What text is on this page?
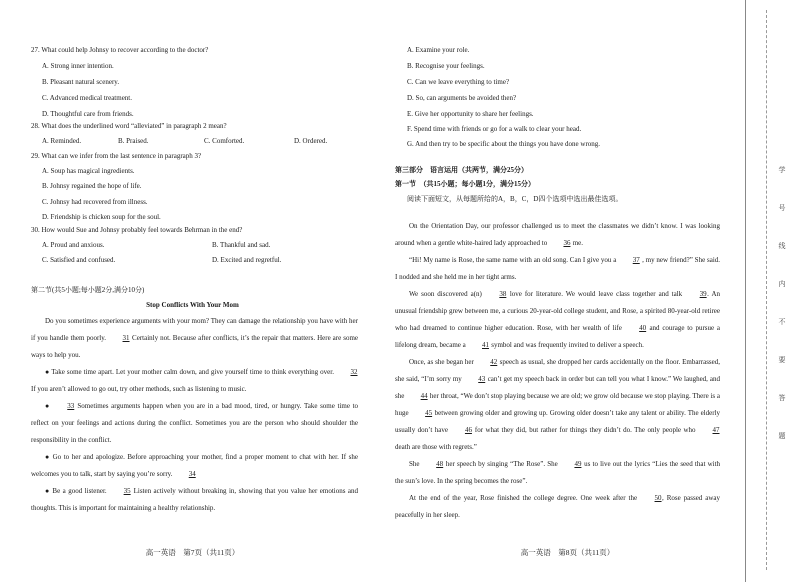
27. What could help Johnsy to recover according to the doctor?
A. Strong inner intention.
B. Pleasant natural scenery.
C. Advanced medical treatment.
D. Thoughtful care from friends.
28. What does the underlined word “alleviated” in paragraph 2 mean?
A. Reminded.	B. Praised.	C. Comforted.	D. Ordered.
29. What can we infer from the last sentence in paragraph 3?
A. Soup has magical ingredients.
B. Johnsy regained the hope of life.
C. Johnsy had recovered from illness.
D. Friendship is chicken soup for the soul.
30. How would Sue and Johnsy probably feel towards Behrman in the end?
A. Proud and anxious.	B. Thankful and sad.
C. Satisfied and confused.	D. Excited and regretful.
第二节(共5小题;每小题2分,满分10分)
Stop Conflicts With Your Mom

Do you sometimes experience arguments with your mom? They can damage the relationship you have with her if you handle them poorly. 31 Certainly not. Because after conflicts, it’s the repair that matters. Here are some ways to help you.

● Take some time apart. Let your mother calm down, and give yourself time to think everything over. 32 If you aren’t allowed to go out, try other methods, such as listening to music.

● 33 Sometimes arguments happen when you are in a bad mood, tired, or hungry. Take some time to reflect on your feelings and actions during the conflict. Sometimes you are the person who should shoulder the responsibility in the conflict.

● Go to her and apologize. Before approaching your mother, find a proper moment to chat with her. If she welcomes you to talk, start by saying you’re sorry. 34

● Be a good listener. 35 Listen actively without breaking in, showing that you value her emotions and thoughts. This is important for maintaining a healthy relationship.

高一英语　第7页（共11页）
A. Examine your role.
B. Recognise your feelings.
C. Can we leave everything to time?
D. So, can arguments be avoided then?
E. Give her opportunity to share her feelings.
F. Spend time with friends or go for a walk to clear your head.
G. And then try to be specific about the things you have done wrong.
第三部分　语言运用（共两节，满分25分）
第一节　（共15小题；每小题1分，满分15分）
阅读下面短文，从每题所给的A，B，C，D四个选项中选出最佳选项。

On the Orientation Day, our professor challenged us to meet the classmates we didn’t know. I was looking around when a gentle white-haired lady approached to 36 me.

“Hi! My name is Rose, the same name with an old song. Can I give you a 37 , my new friend?” She said. I nodded and she held me in her tight arms.

We soon discovered a(n) 38 love for literature. We would leave class together and talk 39. An unusual friendship grew between me, a curious 20-year-old college student, and Rose, a spirited 80-year-old retiree who had dreamed to continue higher education. Rose, with her wealth of life 40 and courage to pursue a lifelong dream, became a 41 symbol and was frequently invited to deliver a speech.

Once, as she began her 42 speech as usual, she dropped her cards accidentally on the floor. Embarrassed, she said, “I’m sorry my 43 can’t get my speech back in order but can tell you what I know.” We laughed, and she 44 her throat, “We don’t stop playing because we are old; we grow old because we stop playing. There is a huge 45 between growing older and growing up. Growing older doesn’t take any talent or ability. The elderly usually don’t have 46 for what they did, but rather for things they didn’t do. The only people who 47 death are those with regrets.”

She 48 her speech by singing “The Rose”. She 49 us to live out the lyrics “Lies the seed that with the sun’s love. In the spring becomes the rose”.

At the end of the year, Rose finished the college degree. One week after the 50, Rose passed away peacefully in her sleep.

高一英语　第8页（共11页）
学
号
线
内
不
要
答
题
